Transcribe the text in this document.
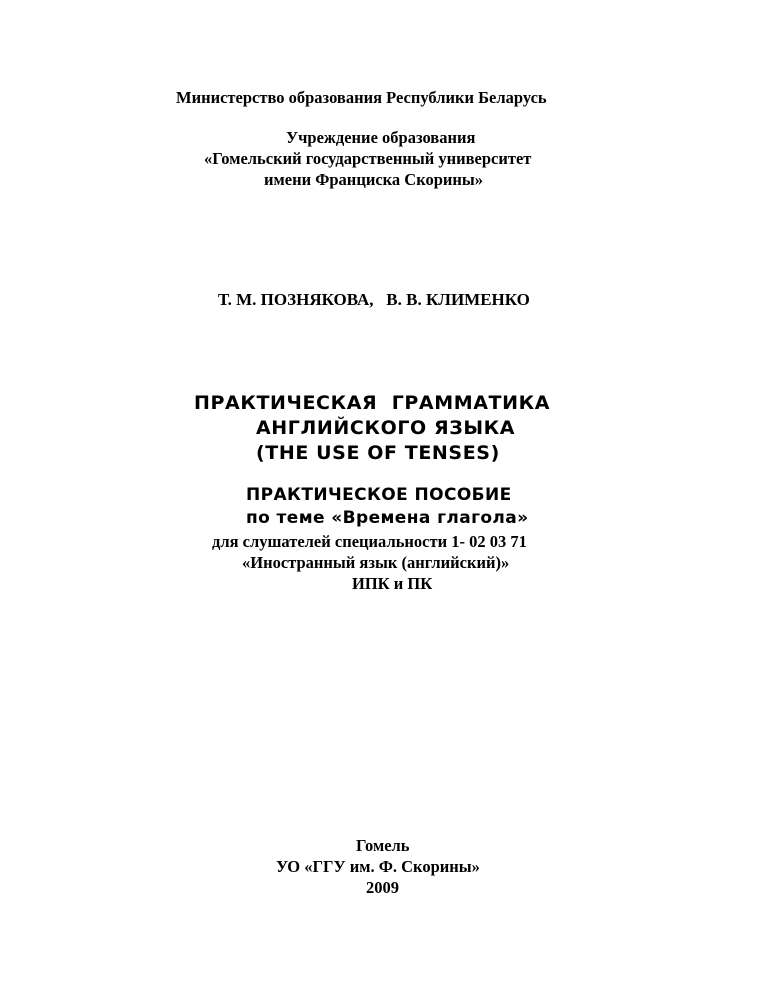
Министерство образования Республики Беларусь
Учреждение образования
«Гомельский государственный университет
имени Франциска Скорины»
Т. М. ПОЗНЯКОВА,   В. В. КЛИМЕНКО
ПРАКТИЧЕСКАЯ  ГРАММАТИКА
АНГЛИЙСКОГО ЯЗЫКА
(THE USE OF TENSES)
ПРАКТИЧЕСКОЕ ПОСОБИЕ
по теме «Времена глагола»
для слушателей специальности 1- 02 03 71
«Иностранный язык (английский)»
ИПК и ПК
Гомель
УО «ГГУ им. Ф. Скорины»
2009
